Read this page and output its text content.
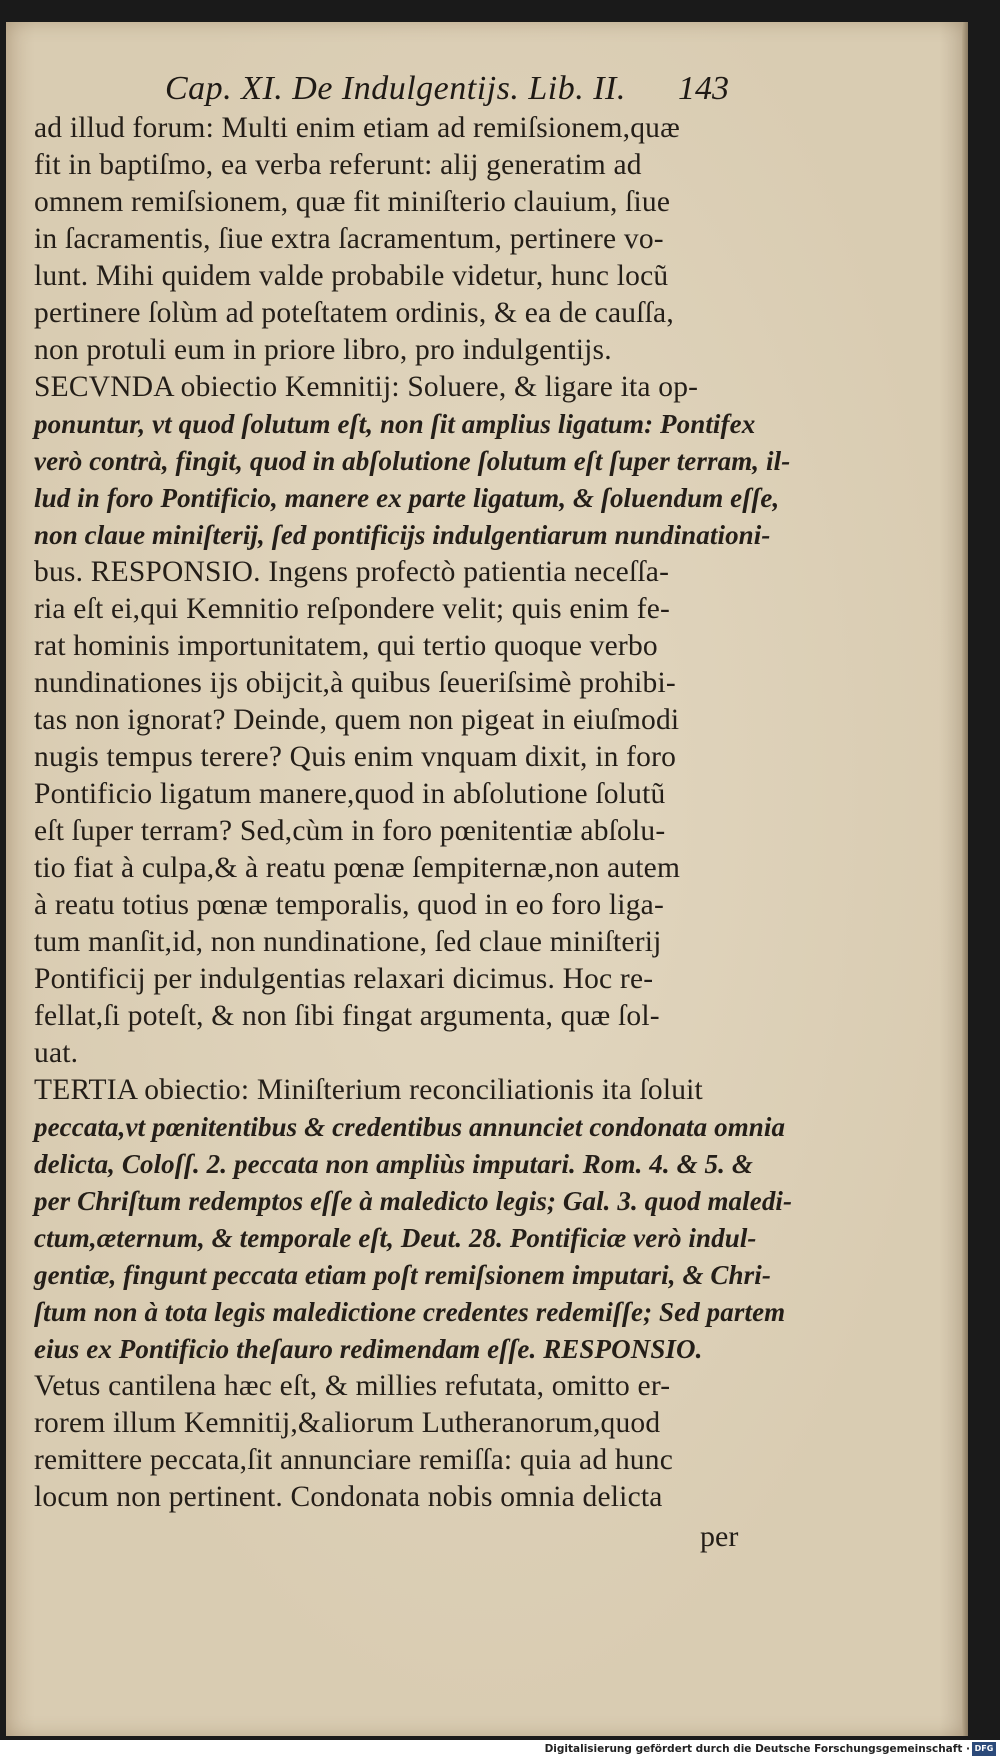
Cap. XI. De Indulgentijs. Lib. II.	143
ad illud forum: Multi enim etiam ad remiſsionem,quæ
fit in baptiſmo, ea verba referunt: alij generatim ad
omnem remiſsionem, quæ fit miniſterio clauium, ſiue
in ſacramentis, ſiue extra ſacramentum, pertinere vo-
lunt. Mihi quidem valde probabile videtur, hunc locũ
pertinere ſolùm ad poteſtatem ordinis, & ea de cauſſa,
non protuli eum in priore libro, pro indulgentijs.
SECVNDA obiectio Kemnitij: Soluere, & ligare ita op-
ponuntur, vt quod ſolutum eſt, non ſit amplius ligatum: Pontifex
verò contrà, fingit, quod in abſolutione ſolutum eſt ſuper terram, il-
lud in foro Pontificio, manere ex parte ligatum, & ſoluendum eſſe,
non claue miniſterij, ſed pontificijs indulgentiarum nundinationi-
bus. RESPONSIO. Ingens profectò patientia neceſſa-
ria eſt ei,qui Kemnitio reſpondere velit; quis enim fe-
rat hominis importunitatem, qui tertio quoque verbo
nundinationes ijs obijcit,à quibus ſeueriſsimè prohibi-
tas non ignorat? Deinde, quem non pigeat in eiuſmodi
nugis tempus terere? Quis enim vnquam dixit, in foro
Pontificio ligatum manere,quod in abſolutione ſolutũ
eſt ſuper terram? Sed,cùm in foro pœnitentiæ abſolu-
tio fiat à culpa,& à reatu pœnæ ſempiternæ,non autem
à reatu totius pœnæ temporalis, quod in eo foro liga-
tum manſit,id, non nundinatione, ſed claue miniſterij
Pontificij per indulgentias relaxari dicimus. Hoc re-
fellat,ſi poteſt, & non ſibi fingat argumenta, quæ ſol-
uat.
TERTIA obiectio: Miniſterium reconciliationis ita ſoluit
peccata,vt pœnitentibus & credentibus annunciet condonata omnia
delicta, Coloſſ. 2. peccata non ampliùs imputari. Rom. 4. & 5. &
per Chriſtum redemptos eſſe à maledicto legis; Gal. 3. quod maledi-
ctum,æternum, & temporale eſt, Deut. 28. Pontificiæ verò indul-
gentiæ, fingunt peccata etiam poſt remiſsionem imputari, & Chri-
ſtum non à tota legis maledictione credentes redemiſſe; Sed partem
eius ex Pontificio theſauro redimendam eſſe. RESPONSIO.
Vetus cantilena hæc eſt, & millies refutata, omitto er-
rorem illum Kemnitij,&aliorum Lutheranorum,quod
remittere peccata,ſit annunciare remiſſa: quia ad hunc
locum non pertinent. Condonata nobis omnia delicta
per
Digitalisierung gefördert durch die Deutsche Forschungsgemeinschaft · DFG
